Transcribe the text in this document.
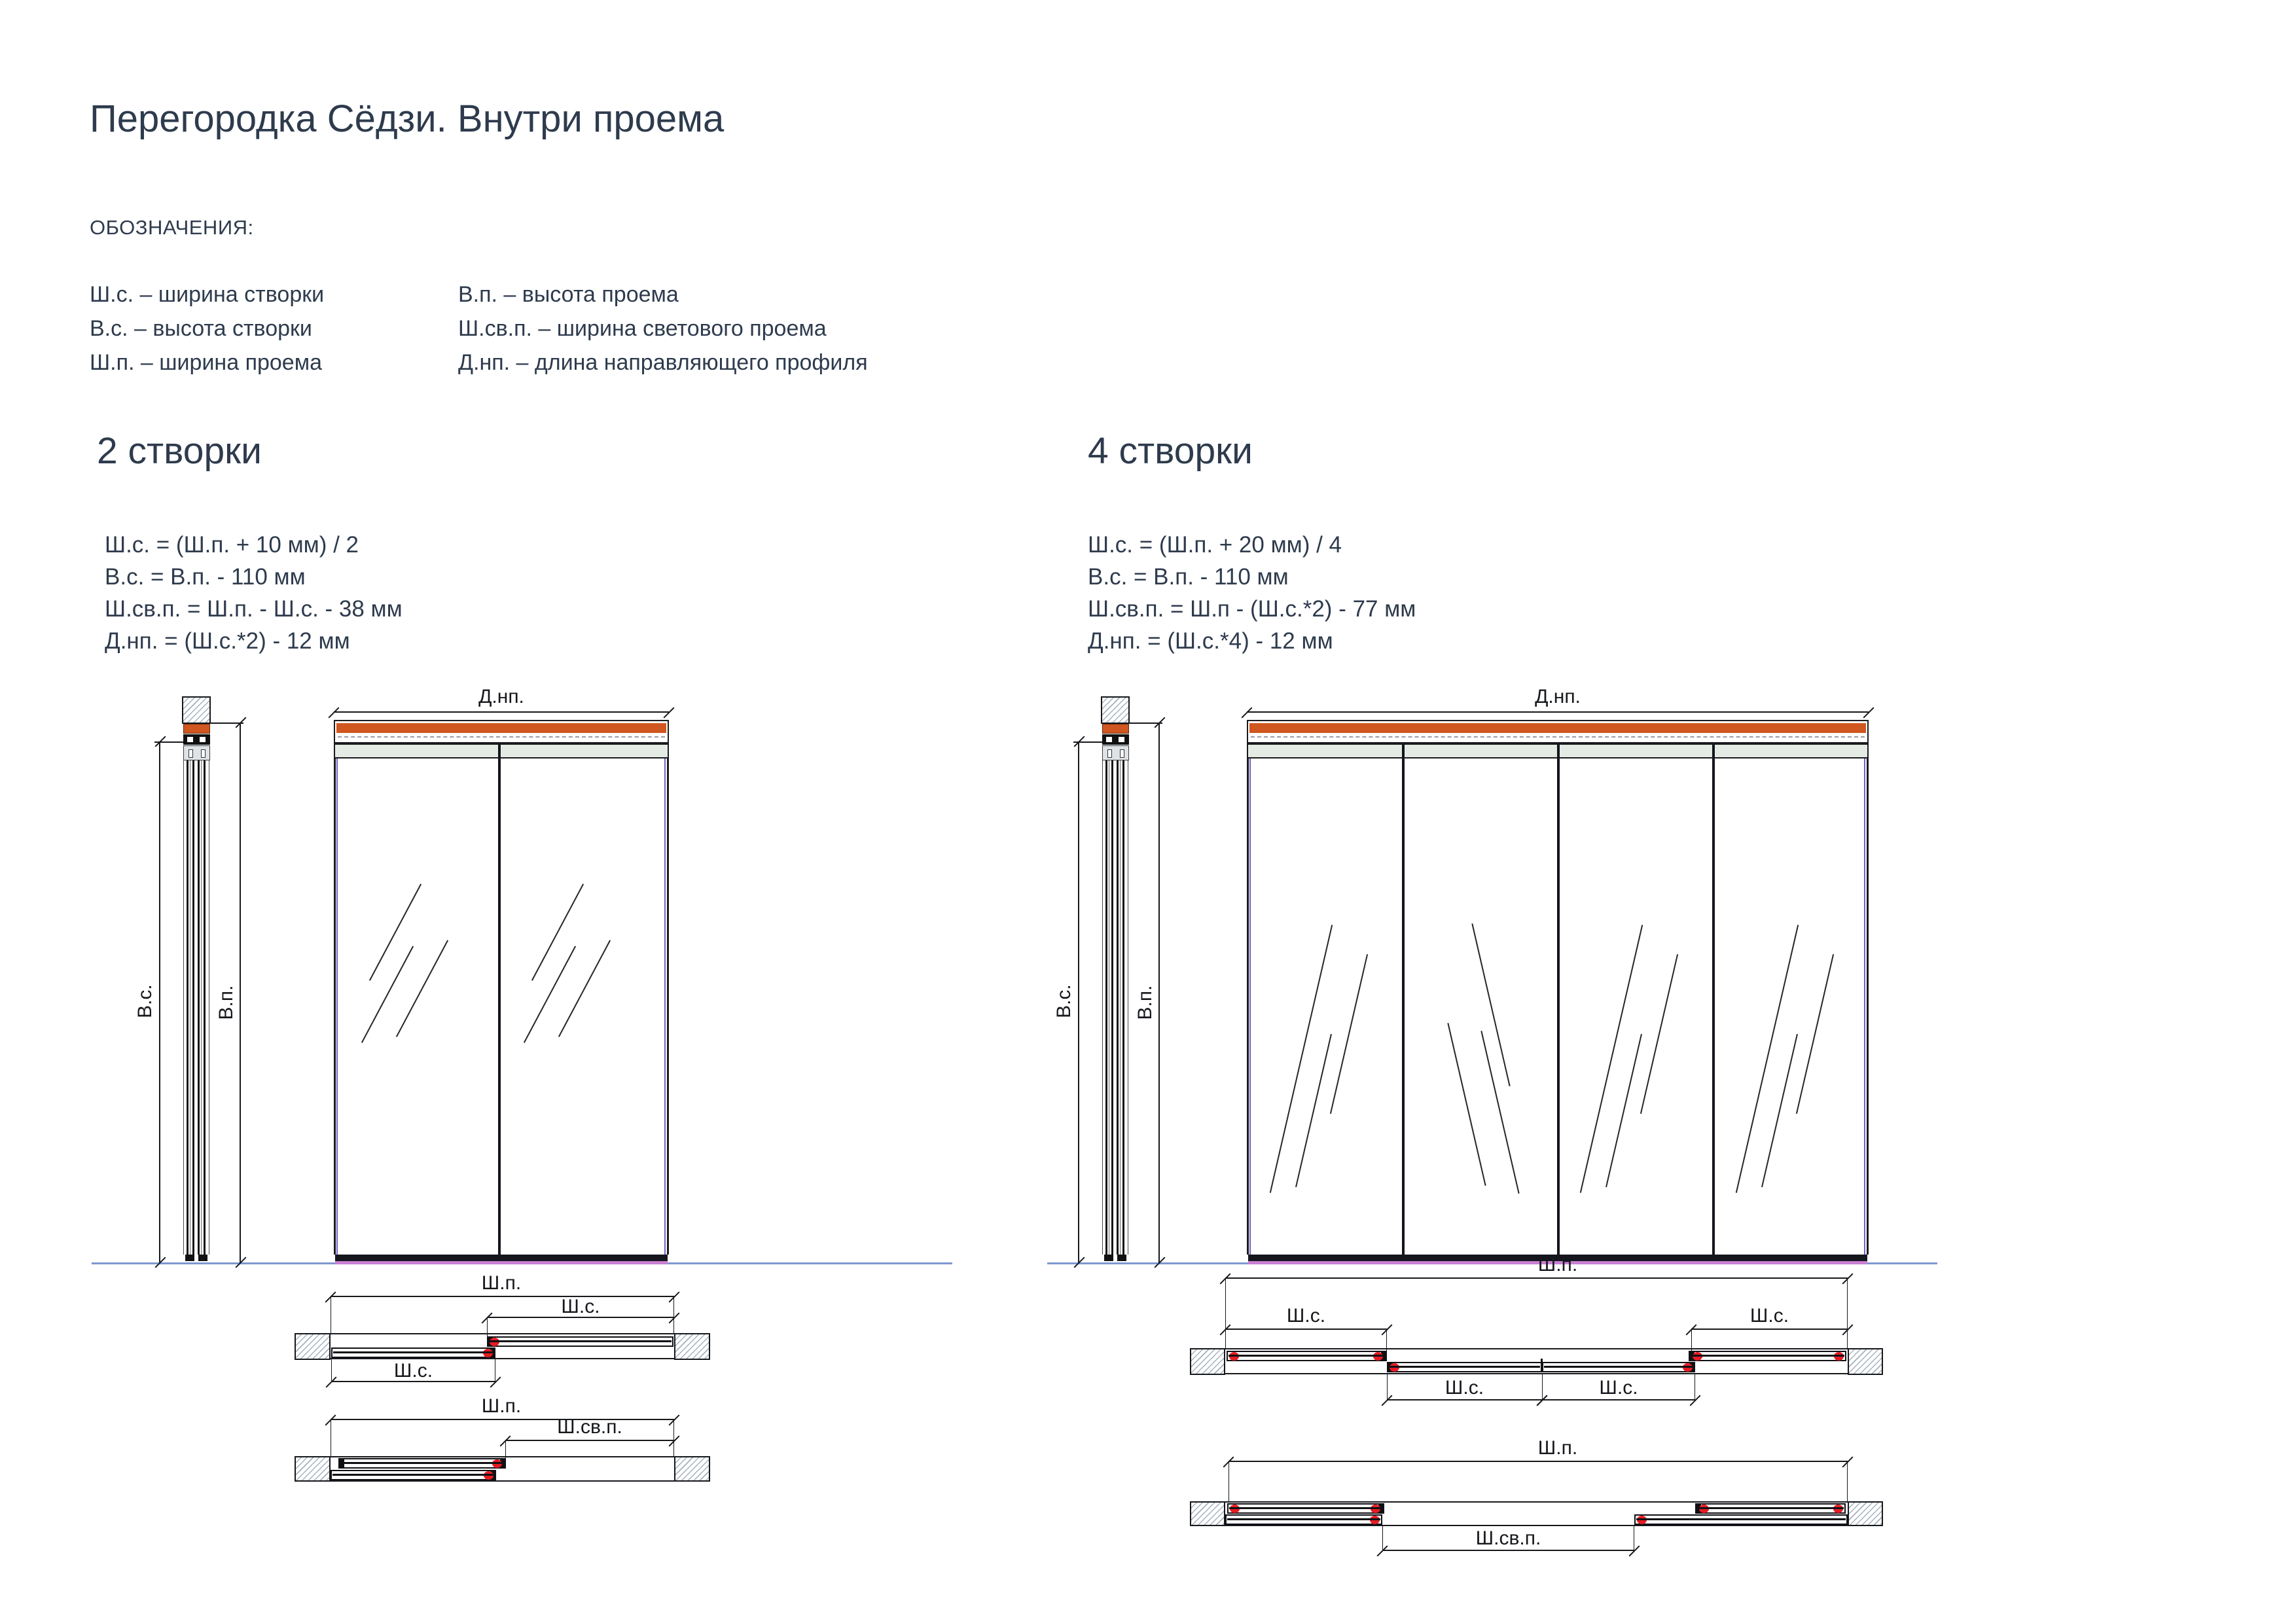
Перегородка Сёдзи. Внутри проема
ОБОЗНАЧЕНИЯ:
Ш.с. – ширина створки
В.с. – высота створки
Ш.п. – ширина проема
В.п. – высота проема
Ш.св.п. – ширина светового проема
Д.нп. – длина направляющего профиля
2 створки	4 створки
Ш.с. = (Ш.п. + 10 мм) / 2
В.с. = В.п. - 110 мм
Ш.св.п. = Ш.п. - Ш.с. - 38 мм
Д.нп. = (Ш.с.*2) - 12 мм
Ш.с. = (Ш.п. + 20 мм) / 4
В.с. = В.п. - 110 мм
Ш.св.п. = Ш.п - (Ш.с.*2) - 77 мм
Д.нп. = (Ш.с.*4) - 12 мм
В.с.	В.п.
Д.нп.
Ш.п.
Ш.с.
Ш.с.
Ш.п.
Ш.св.п.
В.с.	В.п.
Д.нп.
Ш.п.
Ш.с.	Ш.с.
Ш.с.	Ш.с.
Ш.п.
Ш.св.п.
